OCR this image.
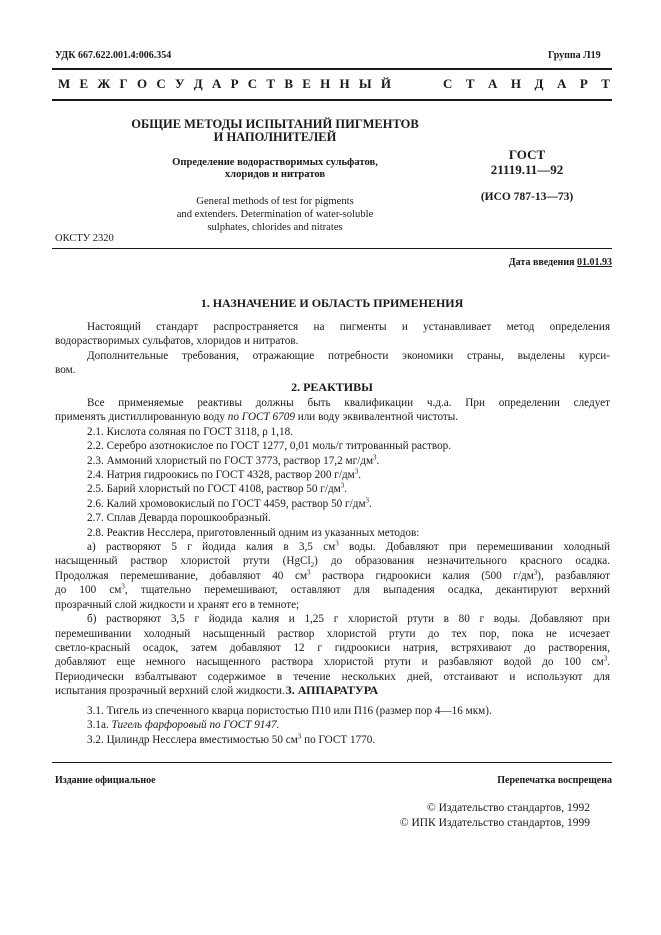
УДК 667.622.001.4:006.354	Группа Л19
М Е Ж Г О С У Д А Р С Т В Е Н Н Ы Й	С Т А Н Д А Р Т
ОБЩИЕ МЕТОДЫ ИСПЫТАНИЙ ПИГМЕНТОВ
И НАПОЛНИТЕЛЕЙ
Определение водорастворимых сульфатов,
хлоридов и нитратов
General methods of test for pigments
and extenders. Determination of water-soluble
sulphates, chlorides and nitrates
ГОСТ
21119.11—92
(ИСО 787-13—73)
ОКСТУ 2320
Дата введения 01.01.93
1. НАЗНАЧЕНИЕ И ОБЛАСТЬ ПРИМЕНЕНИЯ
Настоящий стандарт распространяется на пигменты и устанавливает метод определения
водорастворимых сульфатов, хлоридов и нитратов.
Дополнительные требования, отражающие потребности экономики страны, выделены курси-
вом.
2. РЕАКТИВЫ
Все применяемые реактивы должны быть квалификации ч.д.а. При определении следует
применять дистиллированную воду по ГОСТ 6709 или воду эквивалентной чистоты.
2.1. Кислота соляная по ГОСТ 3118, ρ 1,18.
2.2. Серебро азотнокислое по ГОСТ 1277, 0,01 моль/г титрованный раствор.
2.3. Аммоний хлористый по ГОСТ 3773, раствор 17,2 $мг/дм^3$.
2.4. Натрия гидроокись по ГОСТ 4328, раствор 200 $г/дм^3$.
2.5. Барий хлористый по ГОСТ 4108, раствор 50 $г/дм^3$.
2.6. Калий хромовокислый по ГОСТ 4459, раствор 50 $г/дм^3$.
2.7. Сплав Деварда порошкообразный.
2.8. Реактив Несслера, приготовленный одним из указанных методов:
а) растворяют 5 г йодида калия в 3,5 $см^3$ воды. Добавляют при перемешивании холодный
насыщенный раствор хлористой ртути (HgCl$_2$) до образования незначительного красного осадка.
Продолжая перемешивание, добавляют 40 $см^3$ раствора гидроокиси калия (500 $г/дм^3$), разбавляют
до 100 $см^3$, тщательно перемешивают, оставляют для выпадения осадка, декантируют верхний
прозрачный слой жидкости и хранят его в темноте;
б) растворяют 3,5 г йодида калия и 1,25 г хлористой ртути в 80 г воды. Добавляют при
перемешивании холодный насыщенный раствор хлористой ртути до тех пор, пока не исчезает
светло-красный осадок, затем добавляют 12 г гидроокиси натрия, встряхивают до растворения,
добавляют еще немного насыщенного раствора хлористой ртути и разбавляют водой до 100 $см^3$.
Периодически взбалтывают содержимое в течение нескольких дней, отстаивают и используют для
испытания прозрачный верхний слой жидкости. 3. АППАРАТУРА
3.1. Тигель из спеченного кварца пористостью П10 или П16 (размер пор 4—16 мкм).
3.1а. Тигель фарфоровый по ГОСТ 9147.
3.2. Цилиндр Несслера вместимостью 50 $см^3$ по ГОСТ 1770.
Издание официальное	Перепечатка воспрещена
© Издательство стандартов, 1992
© ИПК Издательство стандартов, 1999
